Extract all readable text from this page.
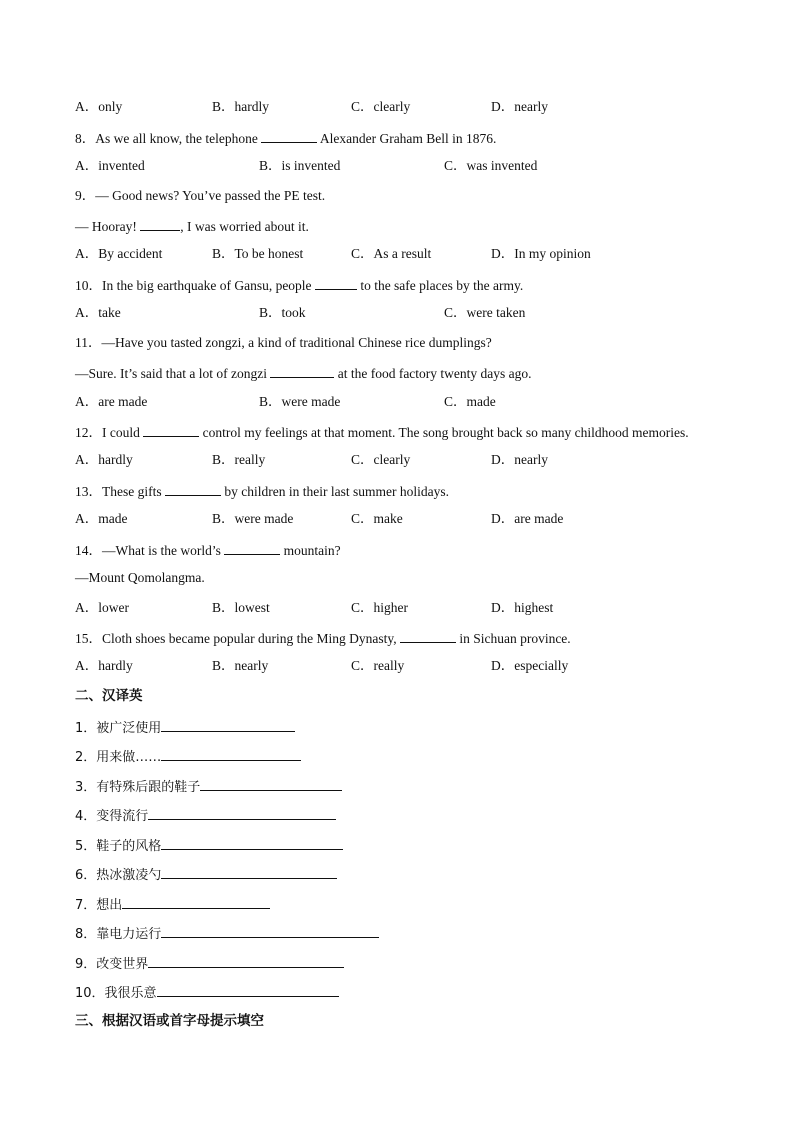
A．only	B．hardly	C．clearly	D．nearly
8．As we all know, the telephone	Alexander Graham Bell in 1876.
A．invented	B．is invented	C．was invented
9．— Good news? You’ve passed the PE test.
— Hooray!	, I was worried about it.
A．By accident	B．To be honest	C．As a result	D．In my opinion
10．In the big earthquake of Gansu, people	to the safe places by the army.
A．take	B．took	C．were taken
11．—Have you tasted zongzi, a kind of traditional Chinese rice dumplings?
—Sure. It’s said that a lot of zongzi	at the food factory twenty days ago.
A．are made	B．were made	C．made
12．I could	control my feelings at that moment. The song brought back so many childhood memories.
A．hardly	B．really	C．clearly	D．nearly
13．These gifts	by children in their last summer holidays.
A．made	B．were made	C．make	D．are made
14．—What is the world’s	mountain?
—Mount Qomolangma.
A．lower	B．lowest	C．higher	D．highest
15．Cloth shoes became popular during the Ming Dynasty,	in Sichuan province.
A．hardly	B．nearly	C．really	D．especially
二、汉译英
1．被广泛使用
2．用来做……
3．有特殊后跟的鞋子
4．变得流行
5．鞋子的风格
6．热冰激凌勺
7．想出
8．靠电力运行
9．改变世界
10．我很乐意
三、根据汉语或首字母提示填空
